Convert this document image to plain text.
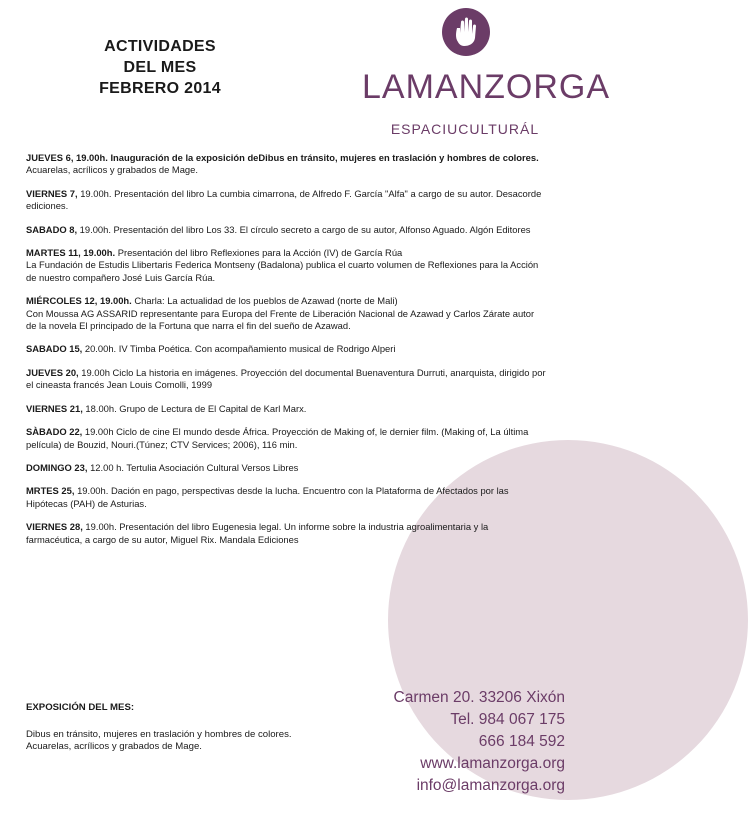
ACTIVIDADES
DEL MES
FEBRERO 2014	LAMANZORGA
ESPACIUCULTURÁL
JUEVES 6, 19.00h. Inauguración de la exposición deDibus en tránsito, mujeres en traslación y hombres de colores.
Acuarelas, acrílicos y grabados de Mage.
VIERNES 7, 19.00h. Presentación del libro La cumbia cimarrona, de Alfredo F. García "Alfa" a cargo de su autor. Desacorde ediciones.
SABADO 8, 19.00h. Presentación del libro Los 33. El círculo secreto a cargo de su autor, Alfonso Aguado. Algón Editores
MARTES 11, 19.00h. Presentación del libro Reflexiones para la Acción (IV) de García Rúa
La Fundación de Estudis Llibertaris Federica Montseny (Badalona) publica el cuarto volumen de Reflexiones para la Acción de nuestro compañero José Luis García Rúa.
MIÉRCOLES 12, 19.00h. Charla: La actualidad de los pueblos de Azawad (norte de Mali)
Con Moussa AG ASSARID representante para Europa del Frente de Liberación Nacional de Azawad y Carlos Zárate autor de la novela El principado de la Fortuna que narra el fin del sueño de Azawad.
SABADO 15, 20.00h. IV Timba Poética. Con acompañamiento musical de Rodrigo Alperi
JUEVES 20, 19.00h Ciclo La historia en imágenes. Proyección del documental Buenaventura Durruti, anarquista, dirigido por el cineasta francés Jean Louis Comolli, 1999
VIERNES 21, 18.00h. Grupo de Lectura de El Capital de Karl Marx.
SÀBADO 22, 19.00h Ciclo de cine El mundo desde África. Proyección de Making of, le dernier film. (Making of, La última película) de Bouzid, Nouri.(Túnez; CTV Services; 2006), 116 min.
DOMINGO 23, 12.00 h. Tertulia Asociación Cultural Versos Libres
MRTES 25, 19.00h. Dación en pago, perspectivas desde la lucha. Encuentro con la Plataforma de Afectados por las Hipótecas (PAH) de Asturias.
VIERNES 28, 19.00h. Presentación del libro Eugenesia legal. Un informe sobre la industria agroalimentaria y la farmacéutica, a cargo de su autor, Miguel Rix. Mandala Ediciones
EXPOSICIÓN DEL MES:
Dibus en tránsito, mujeres en traslación y hombres de colores.
Acuarelas, acrílicos y grabados de Mage.
Carmen 20. 33206 Xixón
Tel. 984 067 175
666 184 592
www.lamanzorga.org
info@lamanzorga.org
